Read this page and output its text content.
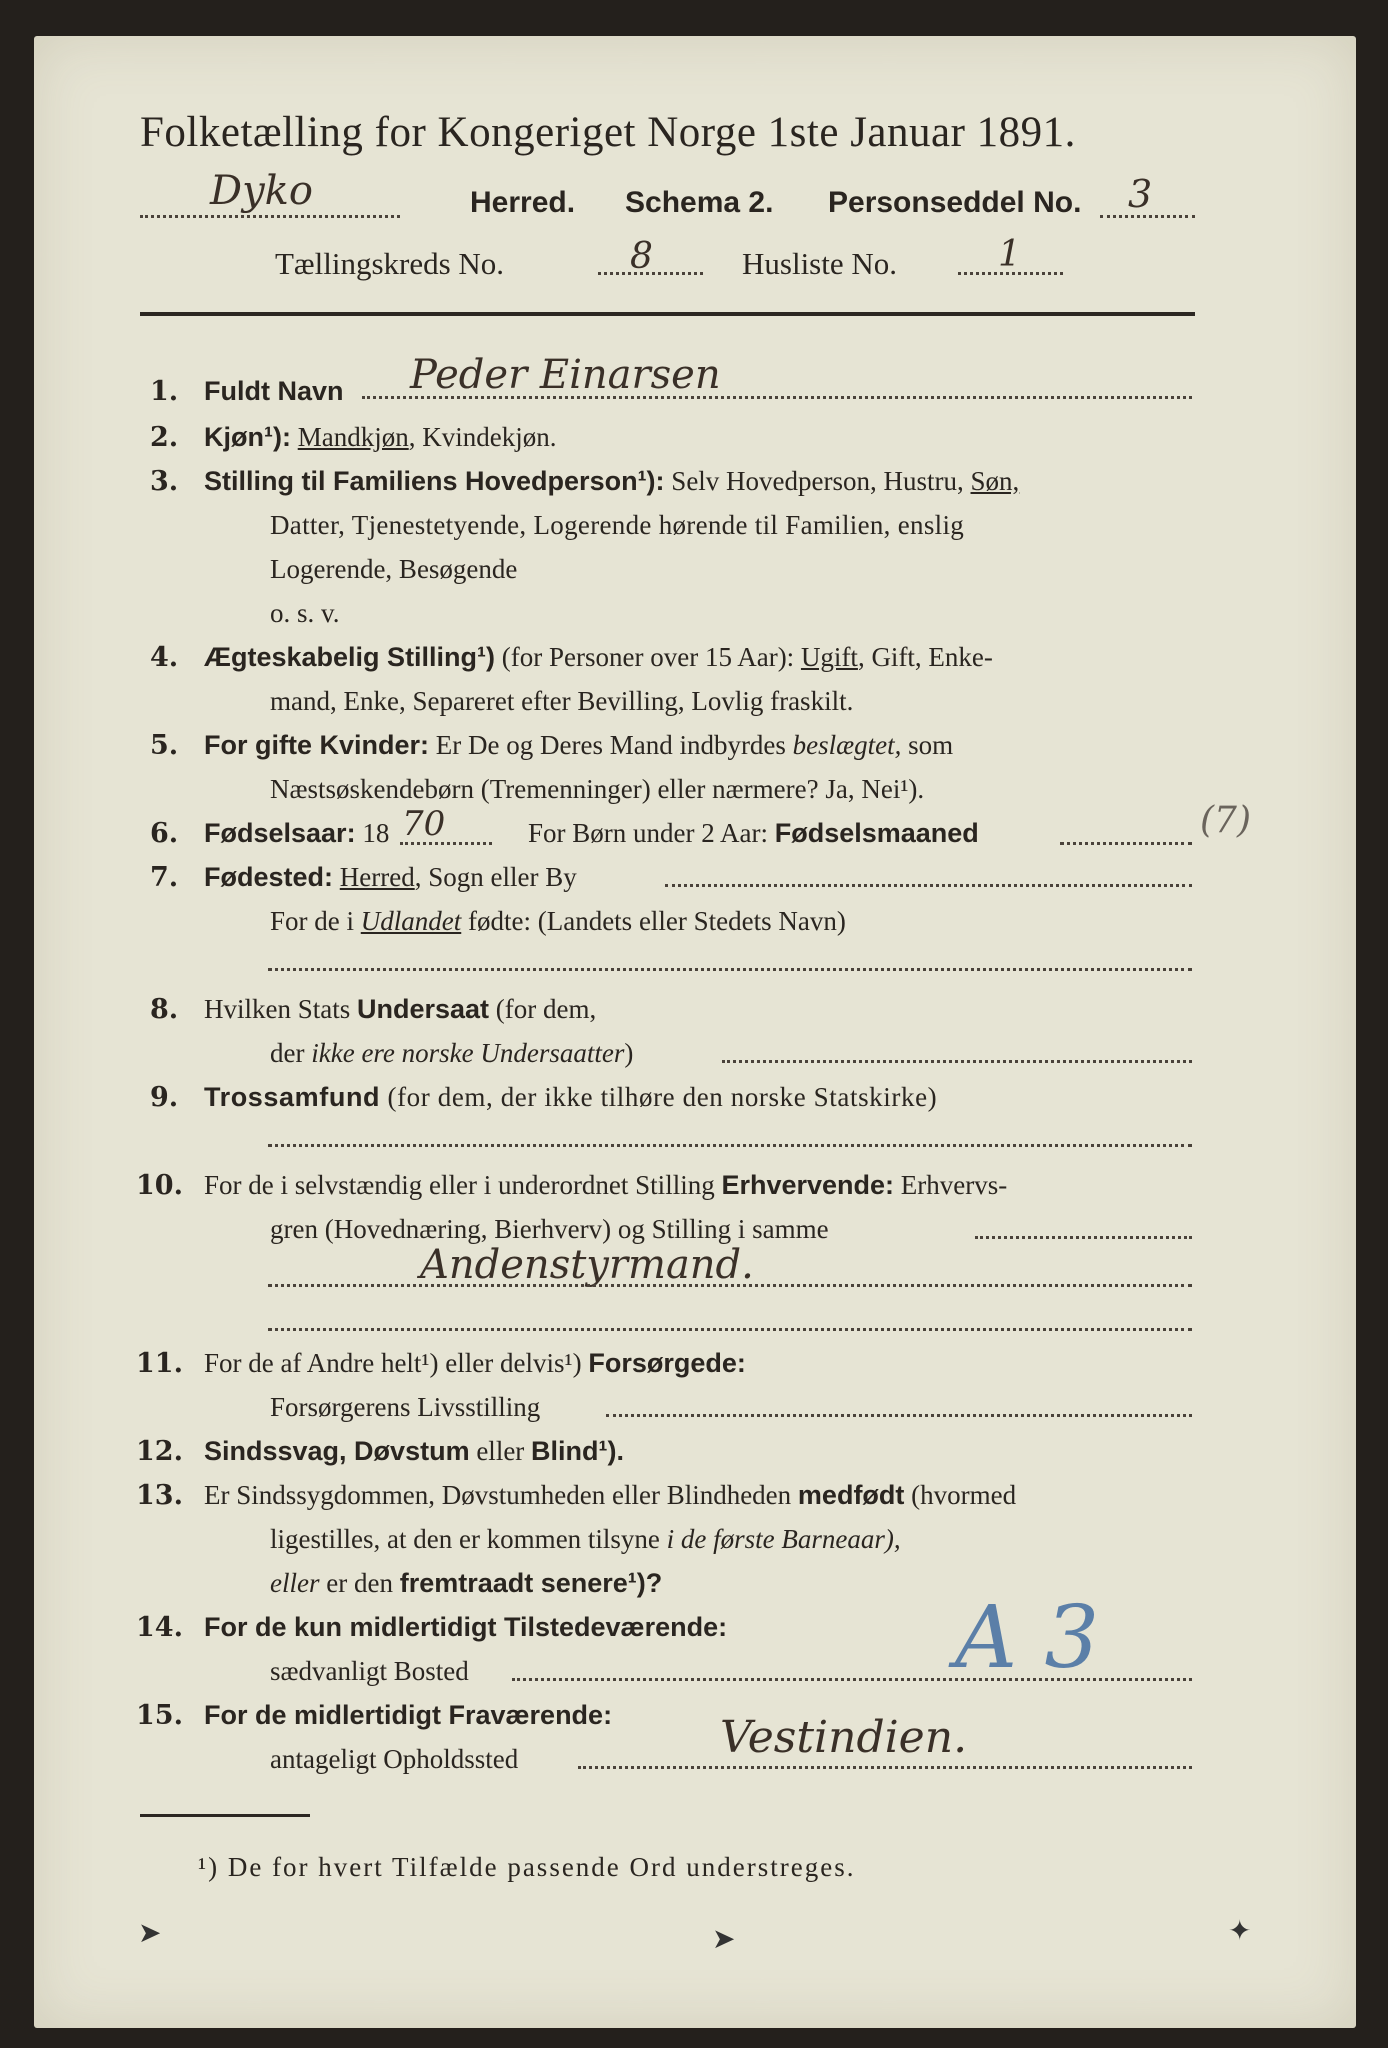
Folketælling for Kongeriget Norge 1ste Januar 1891.
Dyko	Herred. Schema 2. Personseddel No. 3
Tællingskreds No.	8	Husliste No.	1
1. Fuldt Navn Peder Einarsen
2. Kjøn¹): Mandkjøn, Kvindekjøn.
3. Stilling til Familiens Hovedperson¹): Selv Hovedperson, Hustru, Søn,
Datter, Tjenestetyende, Logerende hørende til Familien, enslig
Logerende, Besøgende
o. s. v.
4. Ægteskabelig Stilling¹) (for Personer over 15 Aar): Ugift, Gift, Enke-
mand, Enke, Separeret efter Bevilling, Lovlig fraskilt.
5. For gifte Kvinder: Er De og Deres Mand indbyrdes beslægtet, som
Næstsøskendebørn (Tremenninger) eller nærmere? Ja, Nei¹).
6. Fødselsaar: 18 70	For Børn under 2 Aar: Fødselsmaaned	(7)
7. Fødested: Herred, Sogn eller By
For de i Udlandet fødte: (Landets eller Stedets Navn)
8. Hvilken Stats Undersaat (for dem,
der ikke ere norske Undersaatter)
9. Trossamfund (for dem, der ikke tilhøre den norske Statskirke)
10. For de i selvstændig eller i underordnet Stilling Erhvervende: Erhvervs-
gren (Hovednæring, Bierhverv) og Stilling i samme
Andenstyrmand.
11. For de af Andre helt¹) eller delvis¹) Forsørgede:
Forsørgerens Livsstilling
12. Sindssvag, Døvstum eller Blind¹).
13. Er Sindssygdommen, Døvstumheden eller Blindheden medfødt (hvormed
ligestilles, at den er kommen tilsyne i de første Barneaar),
eller er den fremtraadt senere¹)?
14. For de kun midlertidigt Tilstedeværende:
sædvanligt Bosted	A 3
15. For de midlertidigt Fraværende:
antageligt Opholdssted	Vestindien.
¹) De for hvert Tilfælde passende Ord understreges.
➤	➤	✦
